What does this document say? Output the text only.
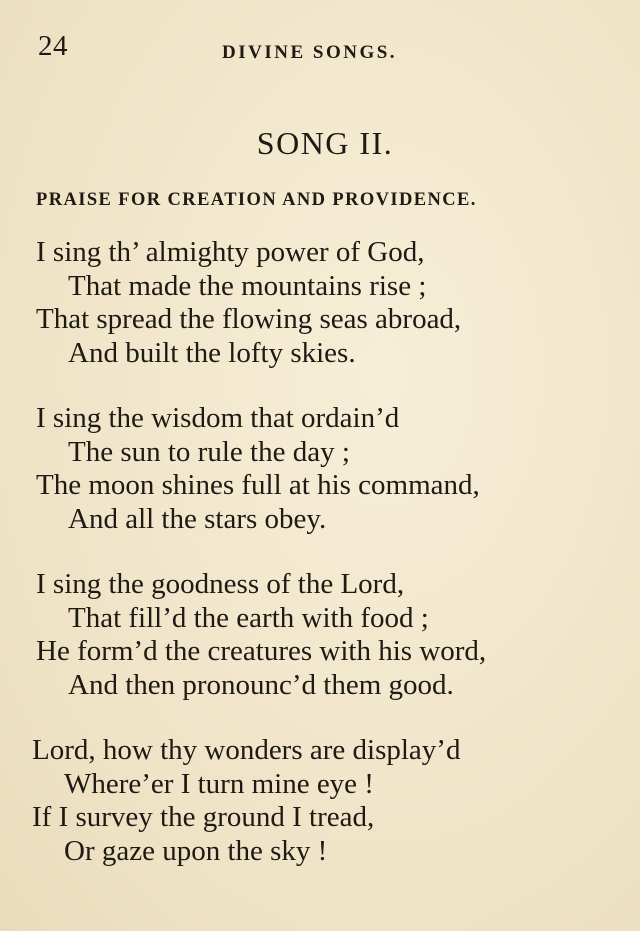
24	DIVINE SONGS.
SONG II.
PRAISE FOR CREATION AND PROVIDENCE.
I sing th’ almighty power of God,
That made the mountains rise ;
That spread the flowing seas abroad,
And built the lofty skies.
I sing the wisdom that ordain’d
The sun to rule the day ;
The moon shines full at his command,
And all the stars obey.
I sing the goodness of the Lord,
That fill’d the earth with food ;
He form’d the creatures with his word,
And then pronounc’d them good.
Lord, how thy wonders are display’d
Where’er I turn mine eye !
If I survey the ground I tread,
Or gaze upon the sky !
